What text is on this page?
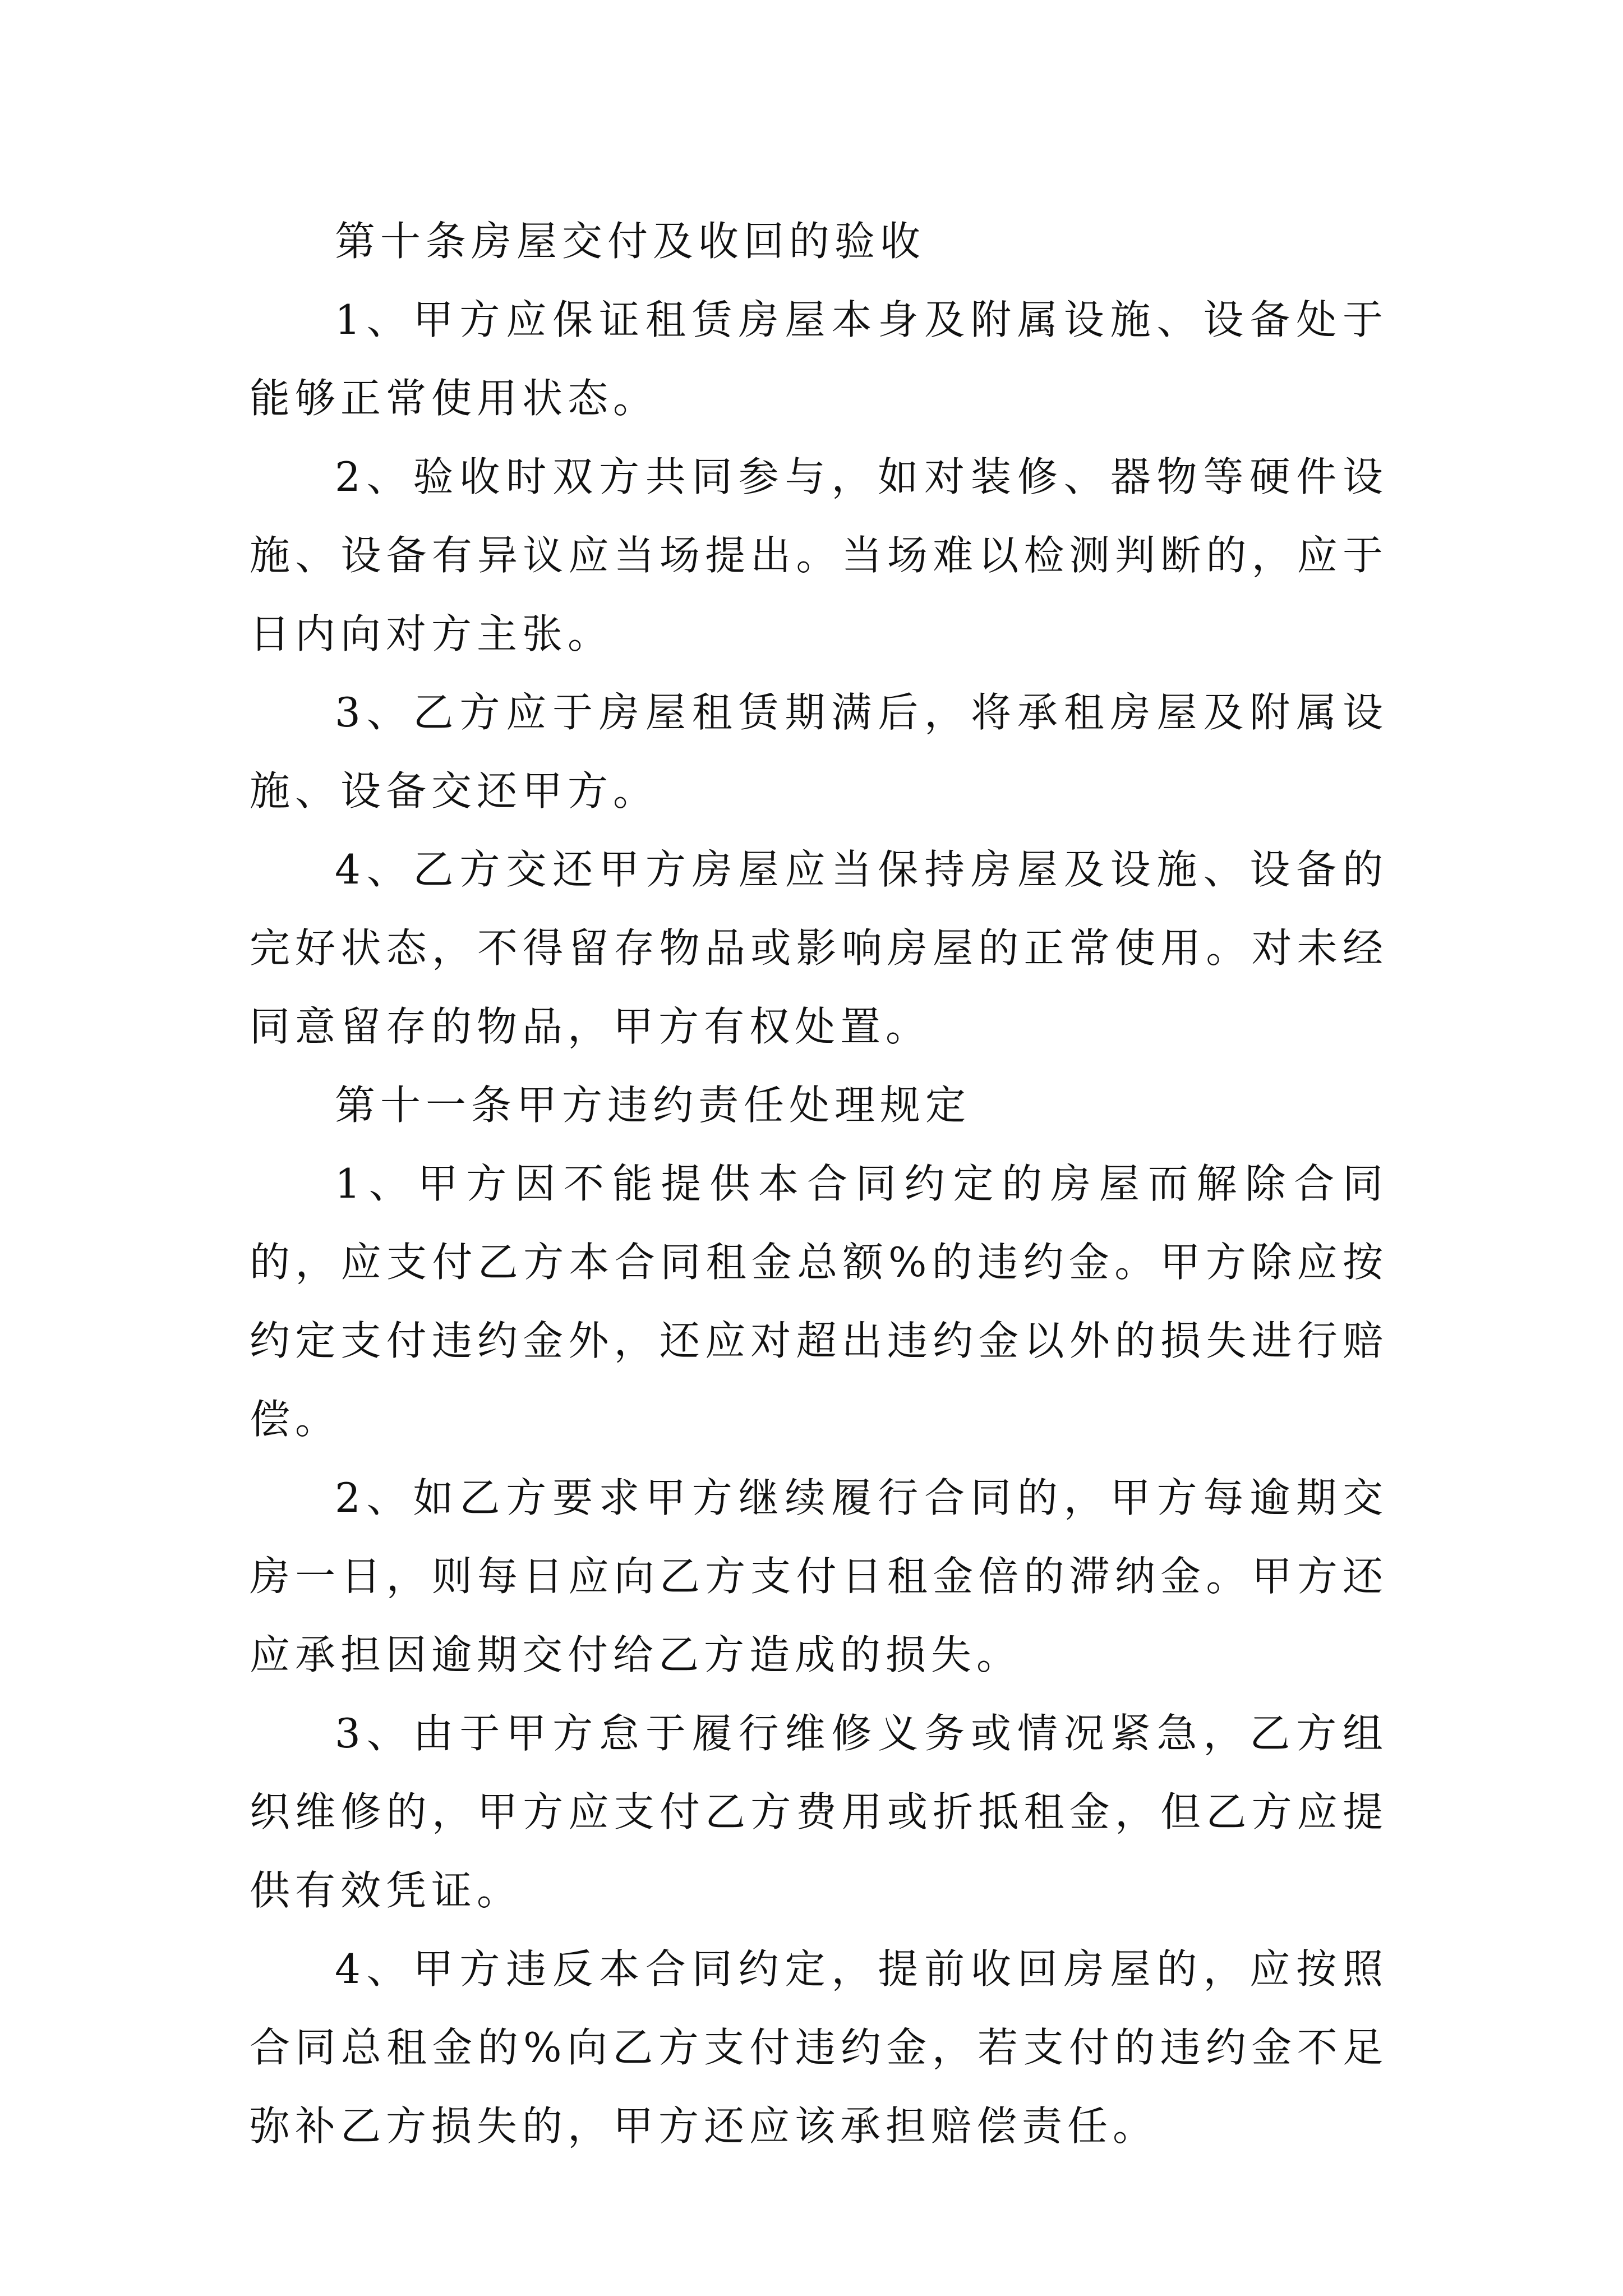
第十条房屋交付及收回的验收

1、甲方应保证租赁房屋本身及附属设施、设备处于能够正常使用状态。

2、验收时双方共同参与，如对装修、器物等硬件设施、设备有异议应当场提出。当场难以检测判断的，应于日内向对方主张。

3、乙方应于房屋租赁期满后，将承租房屋及附属设施、设备交还甲方。

4、乙方交还甲方房屋应当保持房屋及设施、设备的完好状态，不得留存物品或影响房屋的正常使用。对未经同意留存的物品，甲方有权处置。

第十一条甲方违约责任处理规定

1、甲方因不能提供本合同约定的房屋而解除合同的，应支付乙方本合同租金总额%的违约金。甲方除应按约定支付违约金外，还应对超出违约金以外的损失进行赔偿。

2、如乙方要求甲方继续履行合同的，甲方每逾期交房一日，则每日应向乙方支付日租金倍的滞纳金。甲方还应承担因逾期交付给乙方造成的损失。

3、由于甲方怠于履行维修义务或情况紧急，乙方组织维修的，甲方应支付乙方费用或折抵租金，但乙方应提供有效凭证。

4、甲方违反本合同约定，提前收回房屋的，应按照合同总租金的%向乙方支付违约金，若支付的违约金不足弥补乙方损失的，甲方还应该承担赔偿责任。
